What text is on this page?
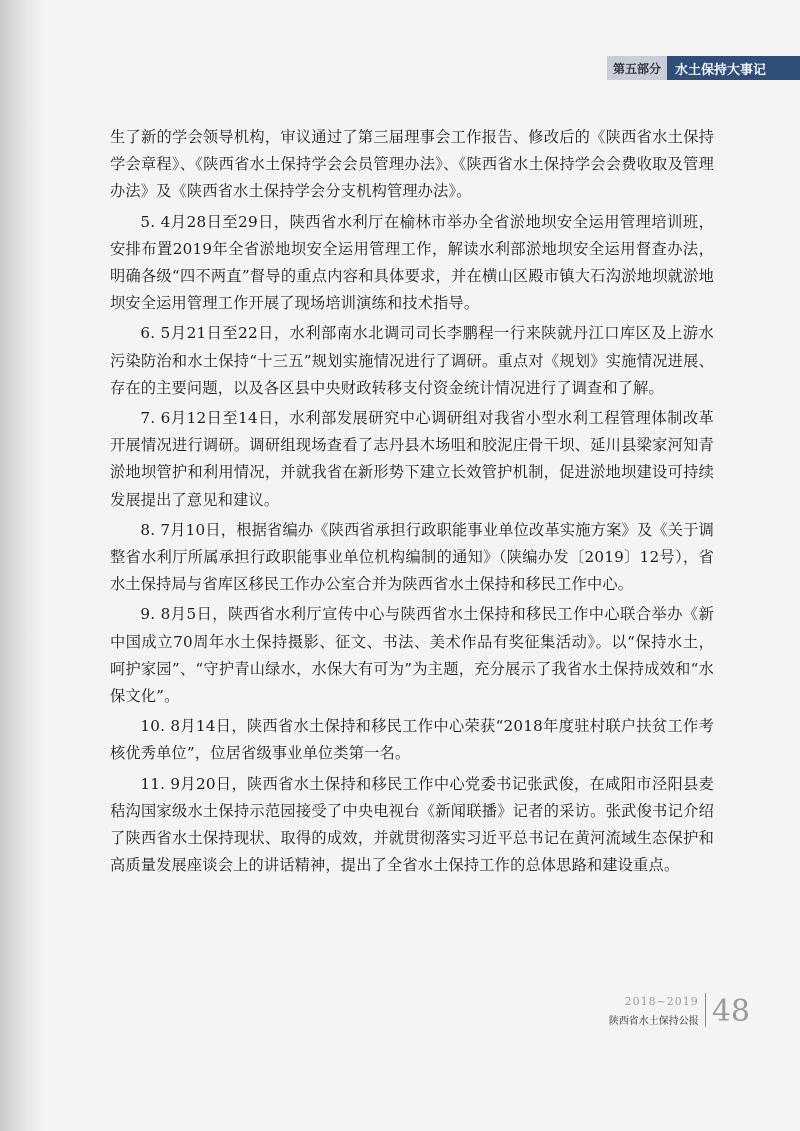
第五部分	水土保持大事记

生了新的学会领导机构，审议通过了第三届理事会工作报告、修改后的《陕西省水土保持学会章程》、《陕西省水土保持学会会员管理办法》、《陕西省水土保持学会会费收取及管理办法》及《陕西省水土保持学会分支机构管理办法》。

5. 4月28日至29日，陕西省水利厅在榆林市举办全省淤地坝安全运用管理培训班，安排布置2019年全省淤地坝安全运用管理工作，解读水利部淤地坝安全运用督查办法，明确各级“四不两直”督导的重点内容和具体要求，并在横山区殿市镇大石沟淤地坝就淤地坝安全运用管理工作开展了现场培训演练和技术指导。

6. 5月21日至22日，水利部南水北调司司长李鹏程一行来陕就丹江口库区及上游水污染防治和水土保持“十三五”规划实施情况进行了调研。重点对《规划》实施情况进展、存在的主要问题，以及各区县中央财政转移支付资金统计情况进行了调查和了解。

7. 6月12日至14日，水利部发展研究中心调研组对我省小型水利工程管理体制改革开展情况进行调研。调研组现场查看了志丹县木场咀和胶泥庄骨干坝、延川县梁家河知青淤地坝管护和利用情况，并就我省在新形势下建立长效管护机制，促进淤地坝建设可持续发展提出了意见和建议。

8. 7月10日，根据省编办《陕西省承担行政职能事业单位改革实施方案》及《关于调整省水利厅所属承担行政职能事业单位机构编制的通知》（陕编办发〔2019〕12号），省水土保持局与省库区移民工作办公室合并为陕西省水土保持和移民工作中心。

9. 8月5日，陕西省水利厅宣传中心与陕西省水土保持和移民工作中心联合举办《新中国成立70周年水土保持摄影、征文、书法、美术作品有奖征集活动》。以“保持水土，呵护家园”、“守护青山绿水，水保大有可为”为主题，充分展示了我省水土保持成效和“水保文化”。

10. 8月14日，陕西省水土保持和移民工作中心荣获“2018年度驻村联户扶贫工作考核优秀单位”，位居省级事业单位类第一名。

11. 9月20日，陕西省水土保持和移民工作中心党委书记张武俊，在咸阳市泾阳县麦秸沟国家级水土保持示范园接受了中央电视台《新闻联播》记者的采访。张武俊书记介绍了陕西省水土保持现状、取得的成效，并就贯彻落实习近平总书记在黄河流域生态保护和高质量发展座谈会上的讲话精神，提出了全省水土保持工作的总体思路和建设重点。

2018~2019
陕西省水土保持公报 48
